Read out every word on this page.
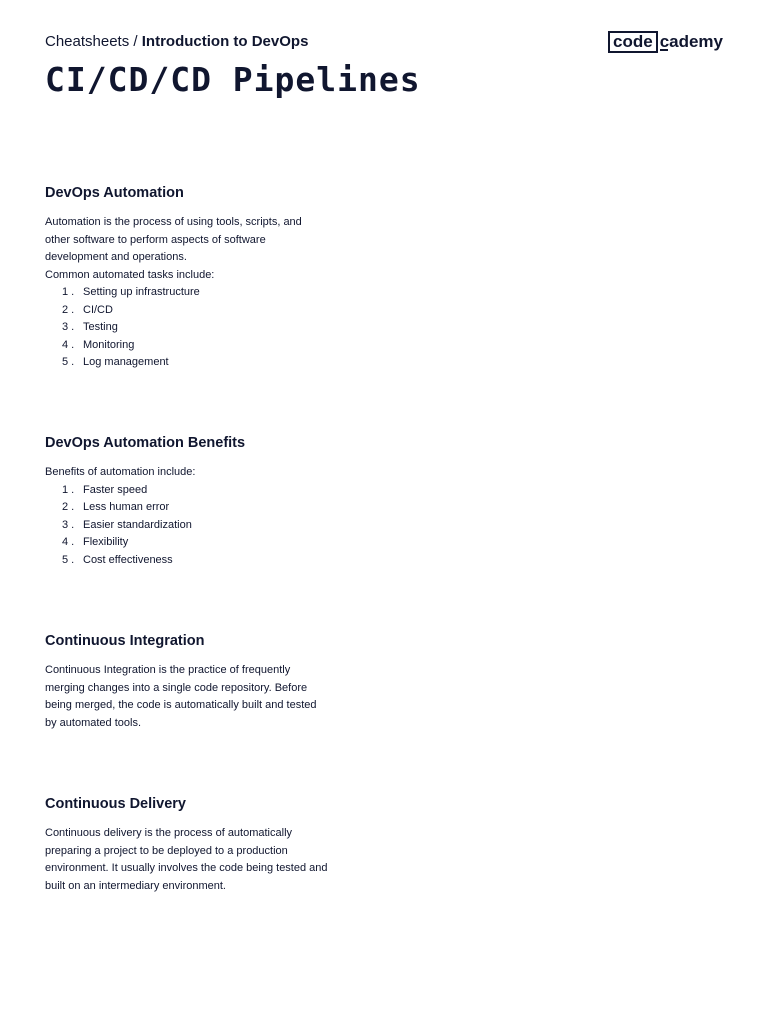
Cheatsheets / Introduction to DevOps	code cademy
CI/CD/CD Pipelines
DevOps Automation

Automation is the process of using tools, scripts, and other software to perform aspects of software development and operations.

Common automated tasks include:

1 . Setting up infrastructure
2 . CI/CD
3 . Testing
4 . Monitoring
5 . Log management
DevOps Automation Benefits

Benefits of automation include:

1 . Faster speed
2 . Less human error
3 . Easier standardization
4 . Flexibility
5 . Cost effectiveness
Continuous Integration

Continuous Integration is the practice of frequently merging changes into a single code repository. Before being merged, the code is automatically built and tested by automated tools.

Continuous Delivery

Continuous delivery is the process of automatically preparing a project to be deployed to a production environment. It usually involves the code being tested and built on an intermediary environment.
